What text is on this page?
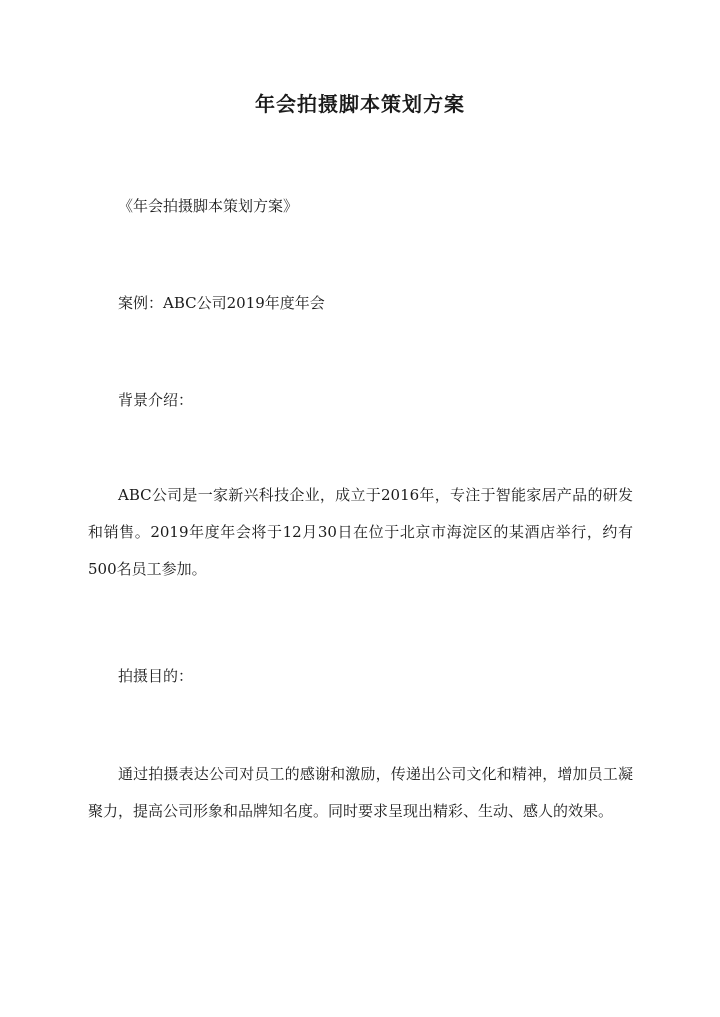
年会拍摄脚本策划方案

《年会拍摄脚本策划方案》

案例：ABC公司2019年度年会

背景介绍：

ABC公司是一家新兴科技企业，成立于2016年，专注于智能家居产品的研发和销售。2019年度年会将于12月30日在位于北京市海淀区的某酒店举行，约有500名员工参加。

拍摄目的：

通过拍摄表达公司对员工的感谢和激励，传递出公司文化和精神，增加员工凝聚力，提高公司形象和品牌知名度。同时要求呈现出精彩、生动、感人的效果。
